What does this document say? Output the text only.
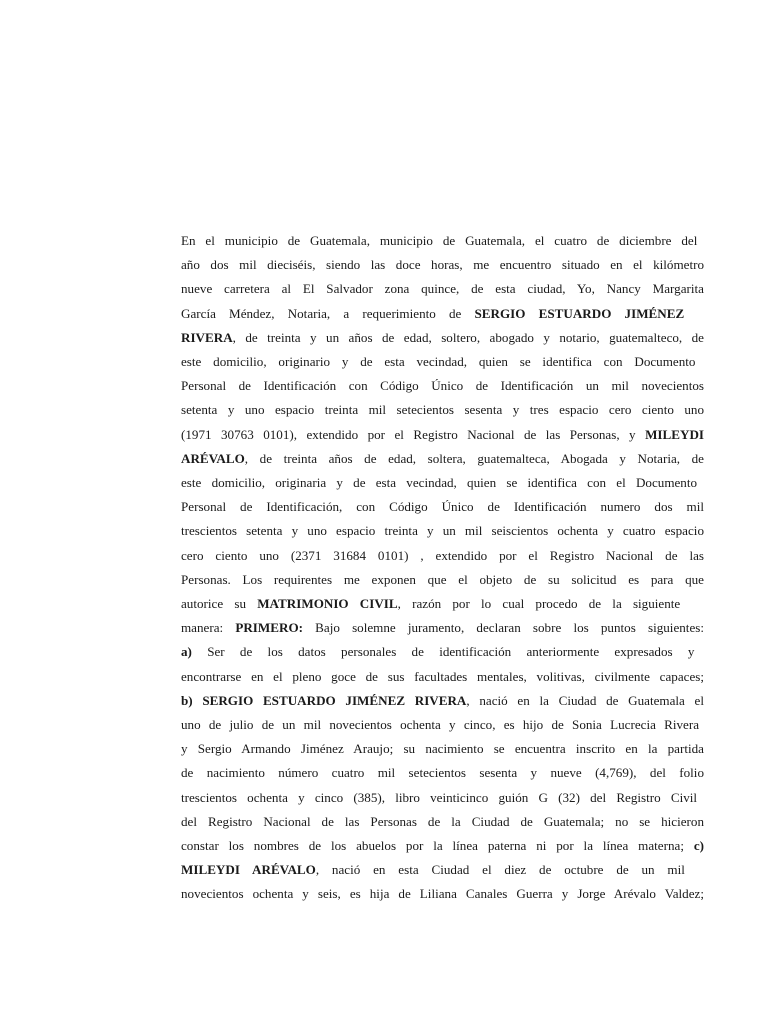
En el municipio de Guatemala, municipio de Guatemala, el cuatro de diciembre del
año dos mil dieciséis, siendo las doce horas, me encuentro situado en el kilómetro
nueve carretera al El Salvador zona quince, de esta ciudad, Yo, Nancy Margarita
García Méndez, Notaria, a requerimiento de SERGIO ESTUARDO JIMÉNEZ
RIVERA, de treinta y un años de edad, soltero, abogado y notario, guatemalteco, de
este domicilio, originario y de esta vecindad, quien se identifica con Documento
Personal de Identificación con Código Único de Identificación un mil novecientos
setenta y uno espacio treinta mil setecientos sesenta y tres espacio cero ciento uno
(1971 30763 0101), extendido por el Registro Nacional de las Personas, y MILEYDI
ARÉVALO, de treinta años de edad, soltera, guatemalteca, Abogada y Notaria, de
este domicilio, originaria y de esta vecindad, quien se identifica con el Documento
Personal de Identificación, con Código Único de Identificación numero dos mil
trescientos setenta y uno espacio treinta y un mil seiscientos ochenta y cuatro espacio
cero ciento uno (2371 31684 0101) , extendido por el Registro Nacional de las
Personas. Los requirentes me exponen que el objeto de su solicitud es para que
autorice su MATRIMONIO CIVIL, razón por lo cual procedo de la siguiente
manera: PRIMERO: Bajo solemne juramento, declaran sobre los puntos siguientes:
a) Ser de los datos personales de identificación anteriormente expresados y
encontrarse en el pleno goce de sus facultades mentales, volitivas, civilmente capaces;
b) SERGIO ESTUARDO JIMÉNEZ RIVERA, nació en la Ciudad de Guatemala el
uno de julio de un mil novecientos ochenta y cinco, es hijo de Sonia Lucrecia Rivera
y Sergio Armando Jiménez Araujo; su nacimiento se encuentra inscrito en la partida
de nacimiento número cuatro mil setecientos sesenta y nueve (4,769), del folio
trescientos ochenta y cinco (385), libro veinticinco guión G (32) del Registro Civil
del Registro Nacional de las Personas de la Ciudad de Guatemala; no se hicieron
constar los nombres de los abuelos por la línea paterna ni por la línea materna; c)
MILEYDI ARÉVALO, nació en esta Ciudad el diez de octubre de un mil
novecientos ochenta y seis, es hija de Liliana Canales Guerra y Jorge Arévalo Valdez;
